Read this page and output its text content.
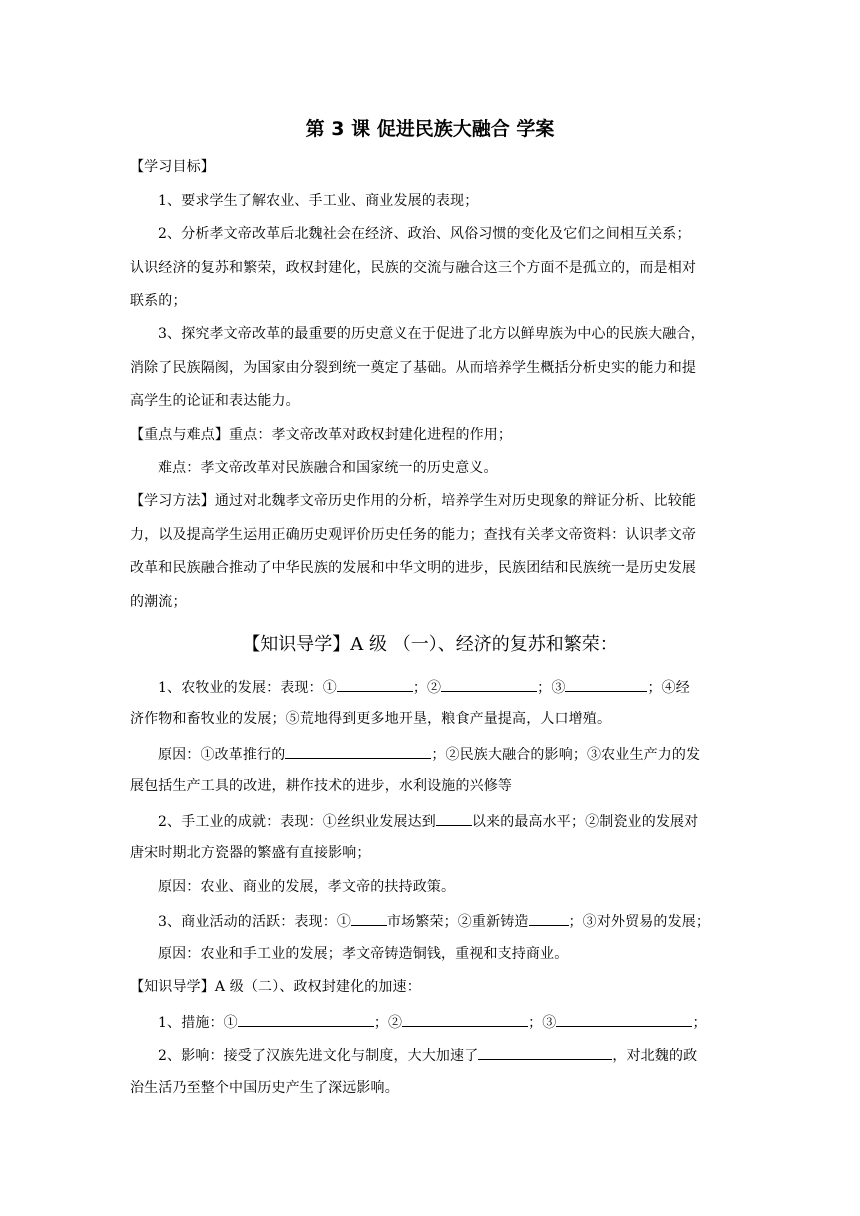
第 3 课 促进民族大融合 学案
【学习目标】
1、要求学生了解农业、手工业、商业发展的表现；
2、分析孝文帝改革后北魏社会在经济、政治、风俗习惯的变化及它们之间相互关系；
认识经济的复苏和繁荣，政权封建化，民族的交流与融合这三个方面不是孤立的，而是相对
联系的；
3、探究孝文帝改革的最重要的历史意义在于促进了北方以鲜卑族为中心的民族大融合，
消除了民族隔阂，为国家由分裂到统一奠定了基础。从而培养学生概括分析史实的能力和提
高学生的论证和表达能力。
【重点与难点】重点：孝文帝改革对政权封建化进程的作用；
难点：孝文帝改革对民族融合和国家统一的历史意义。
【学习方法】通过对北魏孝文帝历史作用的分析，培养学生对历史现象的辩证分析、比较能
力，以及提高学生运用正确历史观评价历史任务的能力；查找有关孝文帝资料：认识孝文帝
改革和民族融合推动了中华民族的发展和中华文明的进步，民族团结和民族统一是历史发展
的潮流；
【知识导学】A 级 （一）、经济的复苏和繁荣：
1、农牧业的发展：表现：①	；②	；③	；④经
济作物和畜牧业的发展；⑤荒地得到更多地开垦，粮食产量提高，人口增殖。
原因：①改革推行的	；②民族大融合的影响；③农业生产力的发
展包括生产工具的改进，耕作技术的进步，水利设施的兴修等
2、手工业的成就：表现：①丝织业发展达到	以来的最高水平；②制瓷业的发展对
唐宋时期北方瓷器的繁盛有直接影响；
原因：农业、商业的发展，孝文帝的扶持政策。
3、商业活动的活跃：表现：①	市场繁荣；②重新铸造	；③对外贸易的发展；
原因：农业和手工业的发展；孝文帝铸造铜钱，重视和支持商业。
【知识导学】A 级（二）、政权封建化的加速：
1、措施：①	；②	；③	；
2、影响：接受了汉族先进文化与制度，大大加速了	，对北魏的政
治生活乃至整个中国历史产生了深远影响。
